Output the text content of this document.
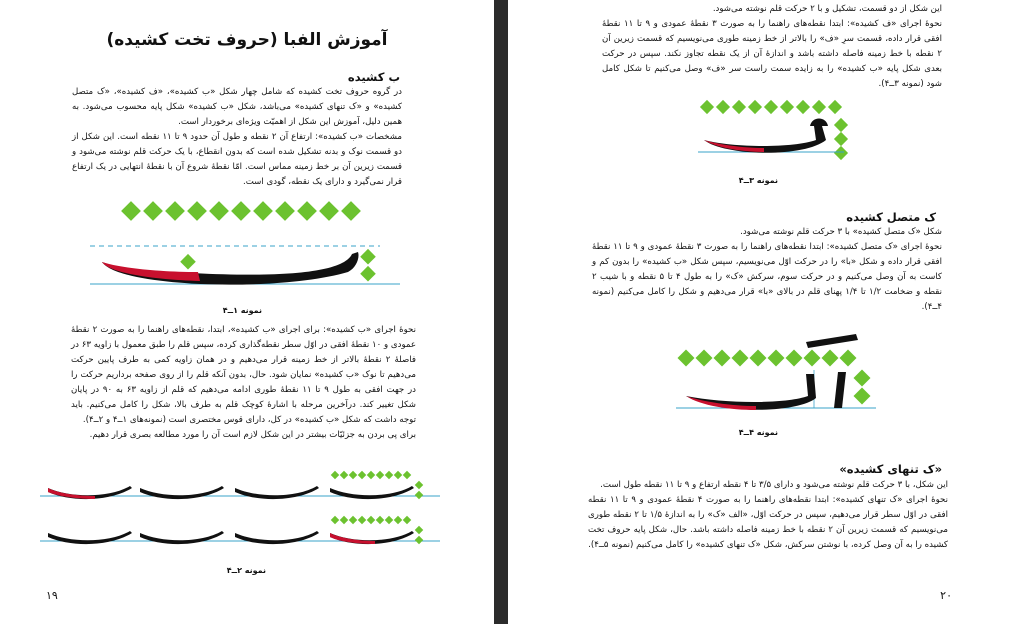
آموزش الفبا (حروف تخت کشیده)
ب کشیده

در گروه حروف تخت کشیده که شامل چهار شکل «ب کشیده»، «ف کشیده»، «ک متصل کشیده» و «ک تنهای کشیده» می‌باشد، شکل «ب کشیده» شکل پایه محسوب می‌شود. به همین دلیل، آموزش این شکل از اهمیّت ویژه‌ای برخوردار است.

مشخصات «ب کشیده»: ارتفاع آن ۲ نقطه و طول آن حدود ۹ تا ۱۱ نقطه است. این شکل از دو قسمت نوک و بدنه تشکیل شده است که بدون انقطاع، با یک حرکت قلم نوشته می‌شود و قسمت زیرین آن بر خط زمینه مماس است. امّا نقطهٔ شروع آن با نقطهٔ انتهایی در یک ارتفاع قرار نمی‌گیرد و دارای یک نقطه، گودی است.

نمونه ۱ــ۴

نحوهٔ اجرای «ب کشیده»: برای اجرای «ب کشیده»، ابتدا، نقطه‌های راهنما را به صورت ۲ نقطهٔ عمودی و ۱۰ نقطهٔ افقی در اوّل سطر نقطه‌گذاری کرده، سپس قلم را طبق معمول با زاویه ۶۳ در فاصلهٔ ۲ نقطهٔ بالاتر از خط زمینه قرار می‌دهیم و در همان زاویه کمی به طرف پایین حرکت می‌دهیم تا نوک «ب کشیده» نمایان شود. حال، بدون آنکه قلم را از روی صفحه برداریم حرکت را در جهت افقی به طول ۹ تا ۱۱ نقطهٔ طوری ادامه می‌دهیم که قلم از زاویه ۶۳ به ۹۰ در پایان شکل تغییر کند. درآخرین مرحله با اشارهٔ کوچک قلم به طرف بالا، شکل را کامل می‌کنیم. باید توجه داشت که شکل «ب کشیده» در کل، دارای قوس مختصری است (نمونه‌های ۱ــ۴ و ۲ــ۴).

برای پی بردن به جزئیّات بیشتر در این شکل لازم است آن را مورد مطالعه بصری قرار دهیم.

نمونه ۲ــ۴
۱۹

این شکل از دو قسمت، تشکیل و با ۲ حرکت قلم نوشته می‌شود.

نحوهٔ اجرای «ف کشیده»: ابتدا نقطه‌های راهنما را به صورت ۳ نقطهٔ عمودی و ۹ تا ۱۱ نقطهٔ افقی قرار داده، قسمت سرِ «ف» را بالاتر از خط زمینه طوری می‌نویسیم که قسمت زیرین آن ۲ نقطه با خط زمینه فاصله داشته باشد و اندازهٔ آن از یک نقطه تجاوز نکند. سپس در حرکت بعدی شکل پایه «ب کشیده» را به زایده سمت راست سر «ف» وصل می‌کنیم تا شکل کامل شود (نمونه ۳ــ۴).

نمونه ۳ــ۴
ک متصل کشیده

شکل «ک متصل کشیده» با ۳ حرکت قلم نوشته می‌شود.

نحوهٔ اجرای «ک متصل کشیده»: ابتدا نقطه‌های راهنما را به صورت ۳ نقطهٔ عمودی و ۹ تا ۱۱ نقطهٔ افقی قرار داده و شکل «با» را در حرکت اوّل می‌نویسیم، سپس شکل «ب کشیده» را بدون کم و کاست به آن وصل می‌کنیم و در حرکت سوم، سرکش «ک» را به طول ۴ تا ۵ نقطه و با شیب ۲ نقطه و ضخامت ۱/۲ تا ۱/۴ پهنای قلم در بالای «با» قرار می‌دهیم و شکل را کامل می‌کنیم (نمونه ۴ــ۴).

نمونه ۴ــ۴
«ک تنهای کشیده»

این شکل، با ۳ حرکت قلم نوشته می‌شود و دارای ۳/۵ تا ۴ نقطه ارتفاع و ۹ تا ۱۱ نقطه طول است.

نحوهٔ اجرای «ک تنهای کشیده»: ابتدا نقطه‌های راهنما را به صورت ۴ نقطهٔ عمودی و ۹ تا ۱۱ نقطه افقی در اوّل سطر قرار می‌دهیم، سپس در حرکت اوّل، «الف «ک» را به اندازهٔ ۱/۵ تا ۲ نقطه طوری می‌نویسیم که قسمت زیرین آن ۲ نقطه با خط زمینه فاصله داشته باشد. حال، شکل پایه حروف تخت کشیده را به آن وصل کرده، با نوشتن سرکش، شکل «ک تنهای کشیده» را کامل می‌کنیم (نمونه ۵ــ۴).

۲۰
